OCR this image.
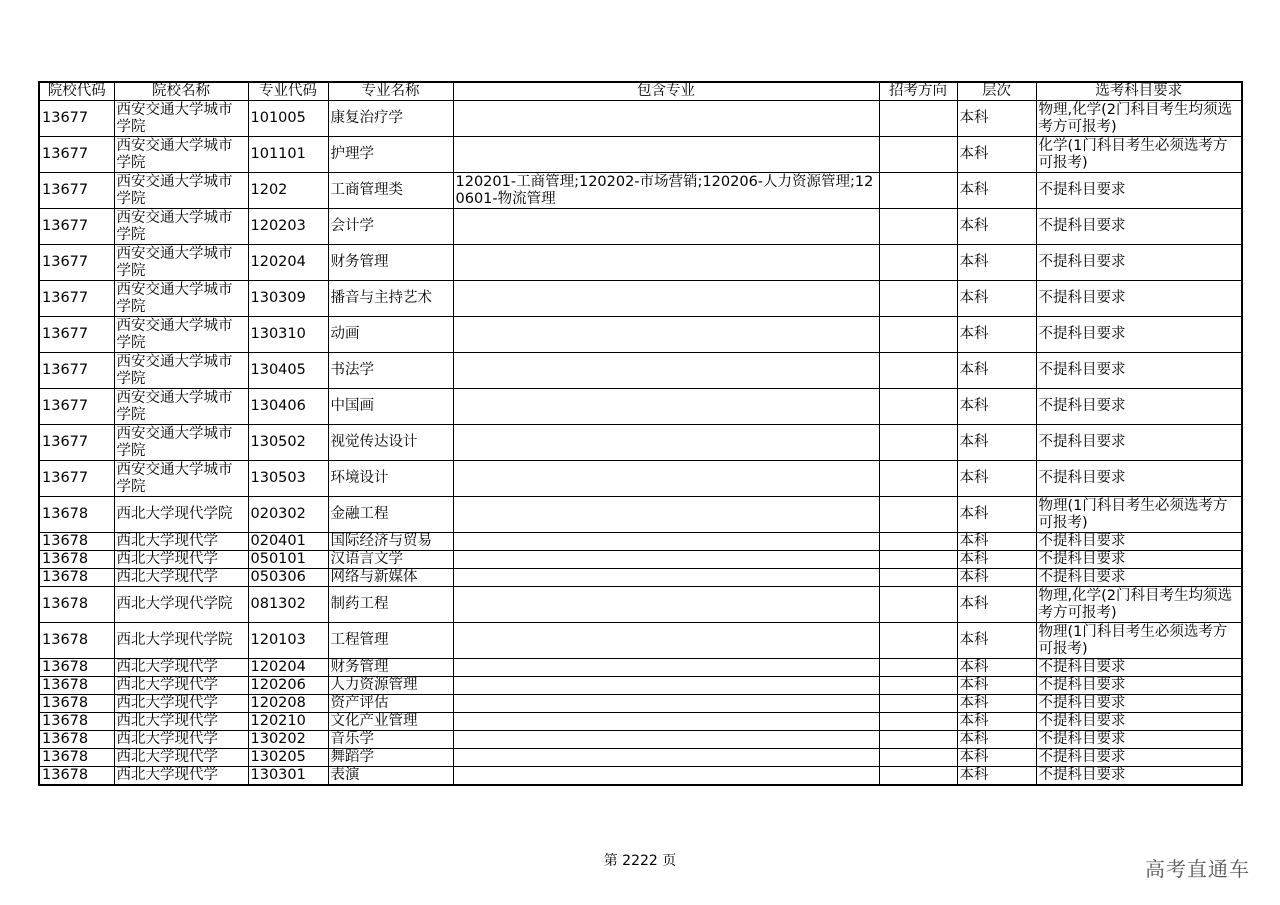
院校代码	院校名称	专业代码	专业名称	包含专业	招考方向	层次	选考科目要求
13677	西安交通大学城市学院	101005	康复治疗学			本科	物理,化学(2门科目考生均须选考方可报考)
13677	西安交通大学城市学院	101101	护理学			本科	化学(1门科目考生必须选考方可报考)
13677	西安交通大学城市学院	1202	工商管理类	120201-工商管理;120202-市场营销;120206-人力资源管理;120601-物流管理		本科	不提科目要求
13677	西安交通大学城市学院	120203	会计学			本科	不提科目要求
13677	西安交通大学城市学院	120204	财务管理			本科	不提科目要求
13677	西安交通大学城市学院	130309	播音与主持艺术			本科	不提科目要求
13677	西安交通大学城市学院	130310	动画			本科	不提科目要求
13677	西安交通大学城市学院	130405	书法学			本科	不提科目要求
13677	西安交通大学城市学院	130406	中国画			本科	不提科目要求
13677	西安交通大学城市学院	130502	视觉传达设计			本科	不提科目要求
13677	西安交通大学城市学院	130503	环境设计			本科	不提科目要求
13678	西北大学现代学院	020302	金融工程			本科	物理(1门科目考生必须选考方可报考)
13678	西北大学现代学	020401	国际经济与贸易			本科	不提科目要求
13678	西北大学现代学	050101	汉语言文学			本科	不提科目要求
13678	西北大学现代学	050306	网络与新媒体			本科	不提科目要求
13678	西北大学现代学院	081302	制药工程			本科	物理,化学(2门科目考生均须选考方可报考)
13678	西北大学现代学院	120103	工程管理			本科	物理(1门科目考生必须选考方可报考)
13678	西北大学现代学	120204	财务管理			本科	不提科目要求
13678	西北大学现代学	120206	人力资源管理			本科	不提科目要求
13678	西北大学现代学	120208	资产评估			本科	不提科目要求
13678	西北大学现代学	120210	文化产业管理			本科	不提科目要求
13678	西北大学现代学	130202	音乐学			本科	不提科目要求
13678	西北大学现代学	130205	舞蹈学			本科	不提科目要求
13678	西北大学现代学	130301	表演			本科	不提科目要求
第 2222 页	高考直通车
